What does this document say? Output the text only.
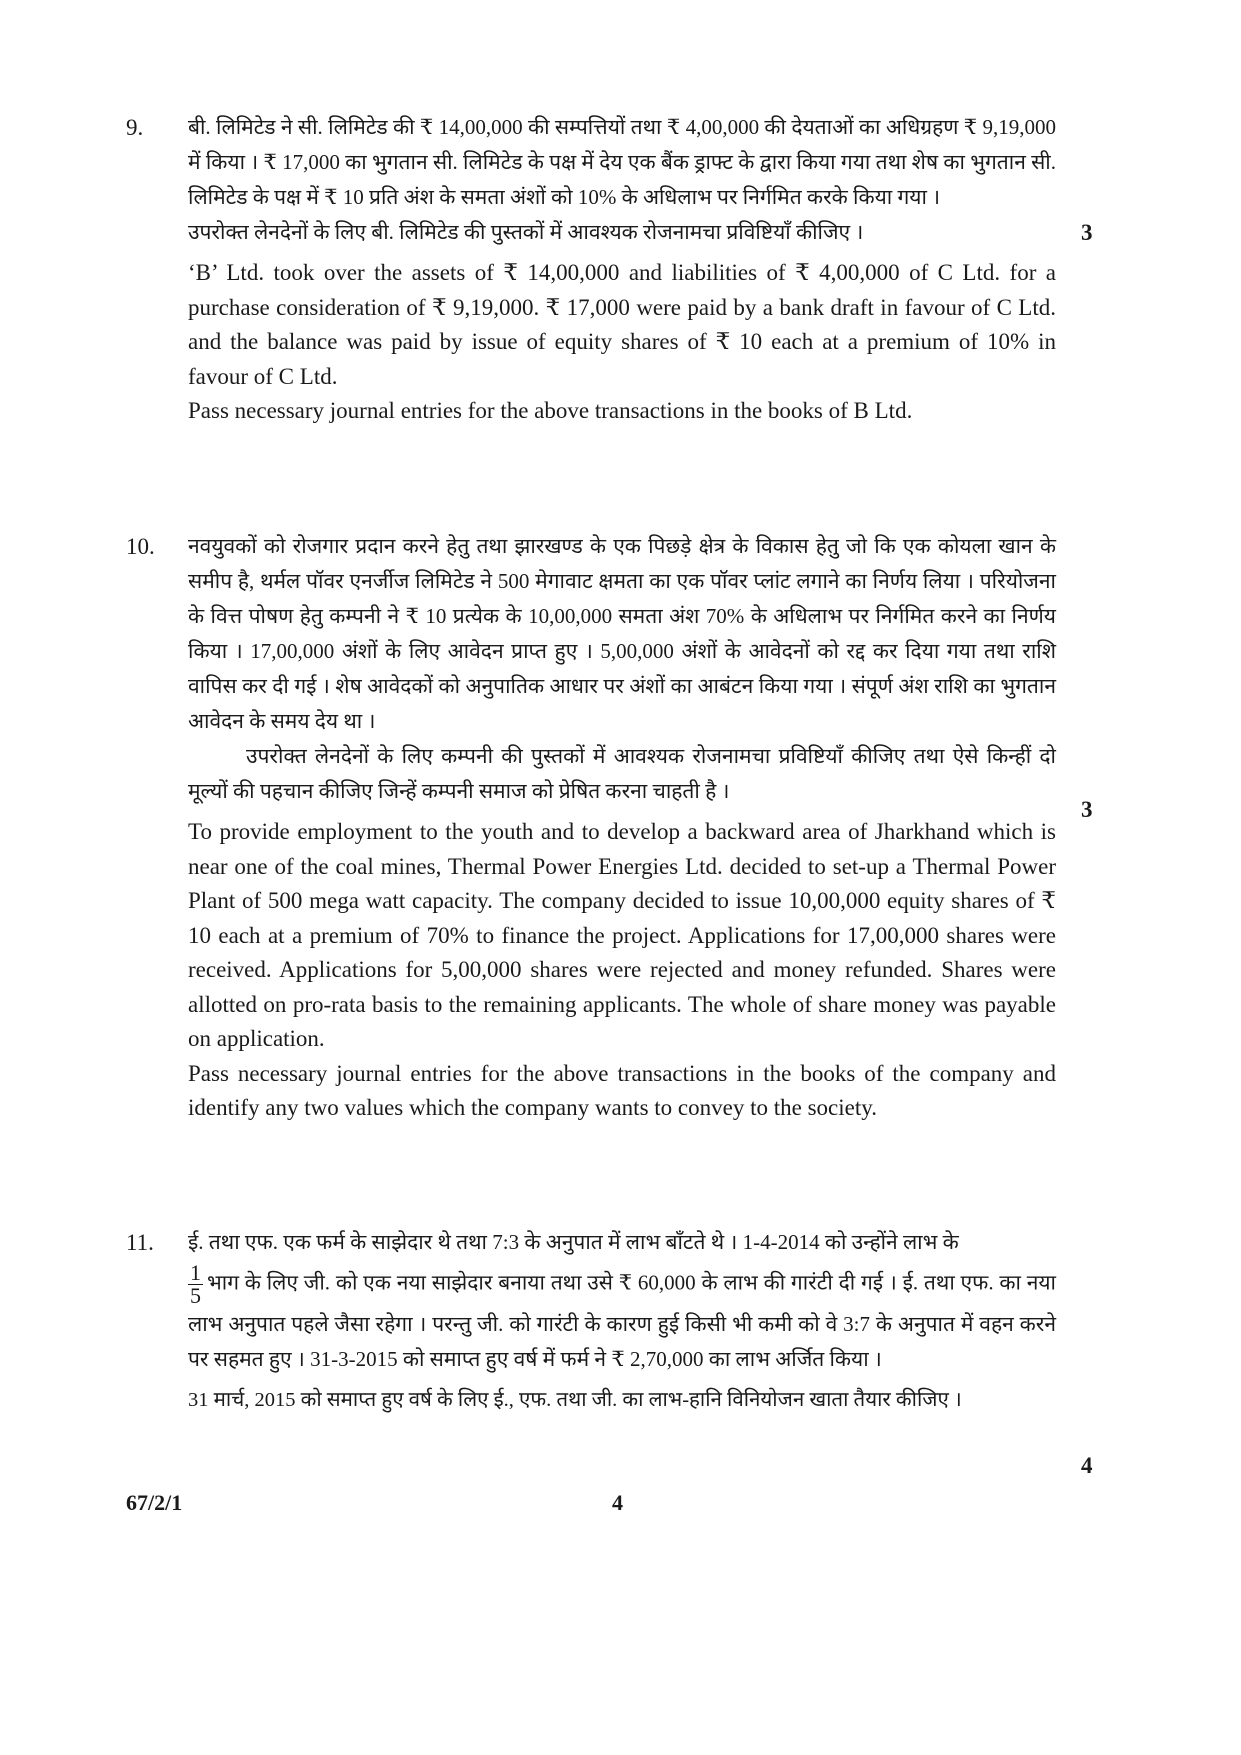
9. बी. लिमिटेड ने सी. लिमिटेड की ₹ 14,00,000 की सम्पत्तियों तथा ₹ 4,00,000 की देयताओं का अधिग्रहण ₹ 9,19,000 में किया । ₹ 17,000 का भुगतान सी. लिमिटेड के पक्ष में देय एक बैंक ड्राफ्ट के द्वारा किया गया तथा शेष का भुगतान सी. लिमिटेड के पक्ष में ₹ 10 प्रति अंश के समता अंशों को 10% के अधिलाभ पर निर्गमित करके किया गया ।

उपरोक्त लेनदेनों के लिए बी. लिमिटेड की पुस्तकों में आवश्यक रोजनामचा प्रविष्टियाँ कीजिए ।

‘B’ Ltd. took over the assets of ₹ 14,00,000 and liabilities of ₹ 4,00,000 of C Ltd. for a purchase consideration of ₹ 9,19,000. ₹ 17,000 were paid by a bank draft in favour of C Ltd. and the balance was paid by issue of equity shares of ₹ 10 each at a premium of 10% in favour of C Ltd.

Pass necessary journal entries for the above transactions in the books of B Ltd.

3
10. नवयुवकों को रोजगार प्रदान करने हेतु तथा झारखण्ड के एक पिछड़े क्षेत्र के विकास हेतु जो कि एक कोयला खान के समीप है, थर्मल पॉवर एनर्जीज लिमिटेड ने 500 मेगावाट क्षमता का एक पॉवर प्लांट लगाने का निर्णय लिया । परियोजना के वित्त पोषण हेतु कम्पनी ने ₹ 10 प्रत्येक के 10,00,000 समता अंश 70% के अधिलाभ पर निर्गमित करने का निर्णय किया । 17,00,000 अंशों के लिए आवेदन प्राप्त हुए । 5,00,000 अंशों के आवेदनों को रद्द कर दिया गया तथा राशि वापिस कर दी गई । शेष आवेदकों को अनुपातिक आधार पर अंशों का आबंटन किया गया । संपूर्ण अंश राशि का भुगतान आवेदन के समय देय था ।

उपरोक्त लेनदेनों के लिए कम्पनी की पुस्तकों में आवश्यक रोजनामचा प्रविष्टियाँ कीजिए तथा ऐसे किन्हीं दो मूल्यों की पहचान कीजिए जिन्हें कम्पनी समाज को प्रेषित करना चाहती है ।

To provide employment to the youth and to develop a backward area of Jharkhand which is near one of the coal mines, Thermal Power Energies Ltd. decided to set-up a Thermal Power Plant of 500 mega watt capacity. The company decided to issue 10,00,000 equity shares of ₹ 10 each at a premium of 70% to finance the project. Applications for 17,00,000 shares were received. Applications for 5,00,000 shares were rejected and money refunded. Shares were allotted on pro-rata basis to the remaining applicants. The whole of share money was payable on application.

Pass necessary journal entries for the above transactions in the books of the company and identify any two values which the company wants to convey to the society.

3
11. ई. तथा एफ. एक फर्म के साझेदार थे तथा 7:3 के अनुपात में लाभ बाँटते थे । 1-4-2014 को उन्होंने लाभ के
$\frac{1}{5}$ भाग के लिए जी. को एक नया साझेदार बनाया तथा उसे ₹ 60,000 के लाभ की गारंटी दी गई । ई. तथा एफ. का नया लाभ अनुपात पहले जैसा रहेगा । परन्तु जी. को गारंटी के कारण हुई किसी भी कमी को वे 3:7 के अनुपात में वहन करने पर सहमत हुए । 31-3-2015 को समाप्त हुए वर्ष में फर्म ने ₹ 2,70,000 का लाभ अर्जित किया ।

31 मार्च, 2015 को समाप्त हुए वर्ष के लिए ई., एफ. तथा जी. का लाभ-हानि विनियोजन खाता तैयार कीजिए ।

4
67/2/1	4
